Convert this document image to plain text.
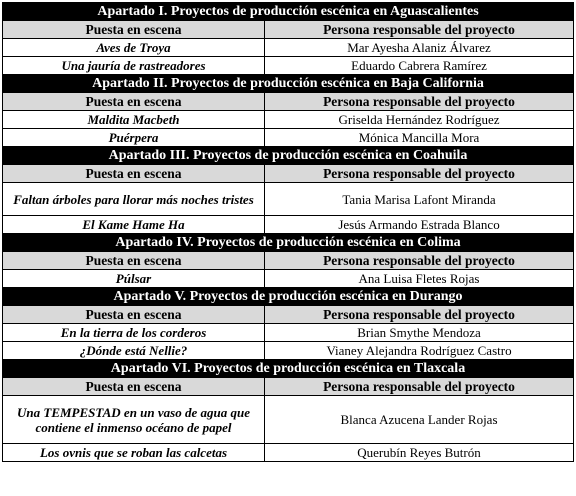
Apartado I. Proyectos de producción escénica en Aguascalientes	
Puesta en escena	Persona responsable del proyecto
Aves de Troya	Mar Ayesha Alaniz Álvarez
Una jauría de rastreadores	Eduardo Cabrera Ramírez
Apartado II. Proyectos de producción escénica en Baja California	
Puesta en escena	Persona responsable del proyecto
Maldita Macbeth	Griselda Hernández Rodríguez
Puérpera	Mónica Mancilla Mora
Apartado III. Proyectos de producción escénica en Coahuila	
Puesta en escena	Persona responsable del proyecto
Faltan árboles para llorar más noches tristes	Tania Marisa Lafont Miranda
El Kame Hame Ha	Jesús Armando Estrada Blanco
Apartado IV. Proyectos de producción escénica en Colima	
Puesta en escena	Persona responsable del proyecto
Púlsar	Ana Luisa Fletes Rojas
Apartado V. Proyectos de producción escénica en Durango	
Puesta en escena	Persona responsable del proyecto
En la tierra de los corderos	Brian Smythe Mendoza
¿Dónde está Nellie?	Vianey Alejandra Rodríguez Castro
Apartado VI. Proyectos de producción escénica en Tlaxcala	
Puesta en escena	Persona responsable del proyecto
Una TEMPESTAD en un vaso de agua que contiene el inmenso océano de papel	Blanca Azucena Lander Rojas
Los ovnis que se roban las calcetas	Querubín Reyes Butrón
